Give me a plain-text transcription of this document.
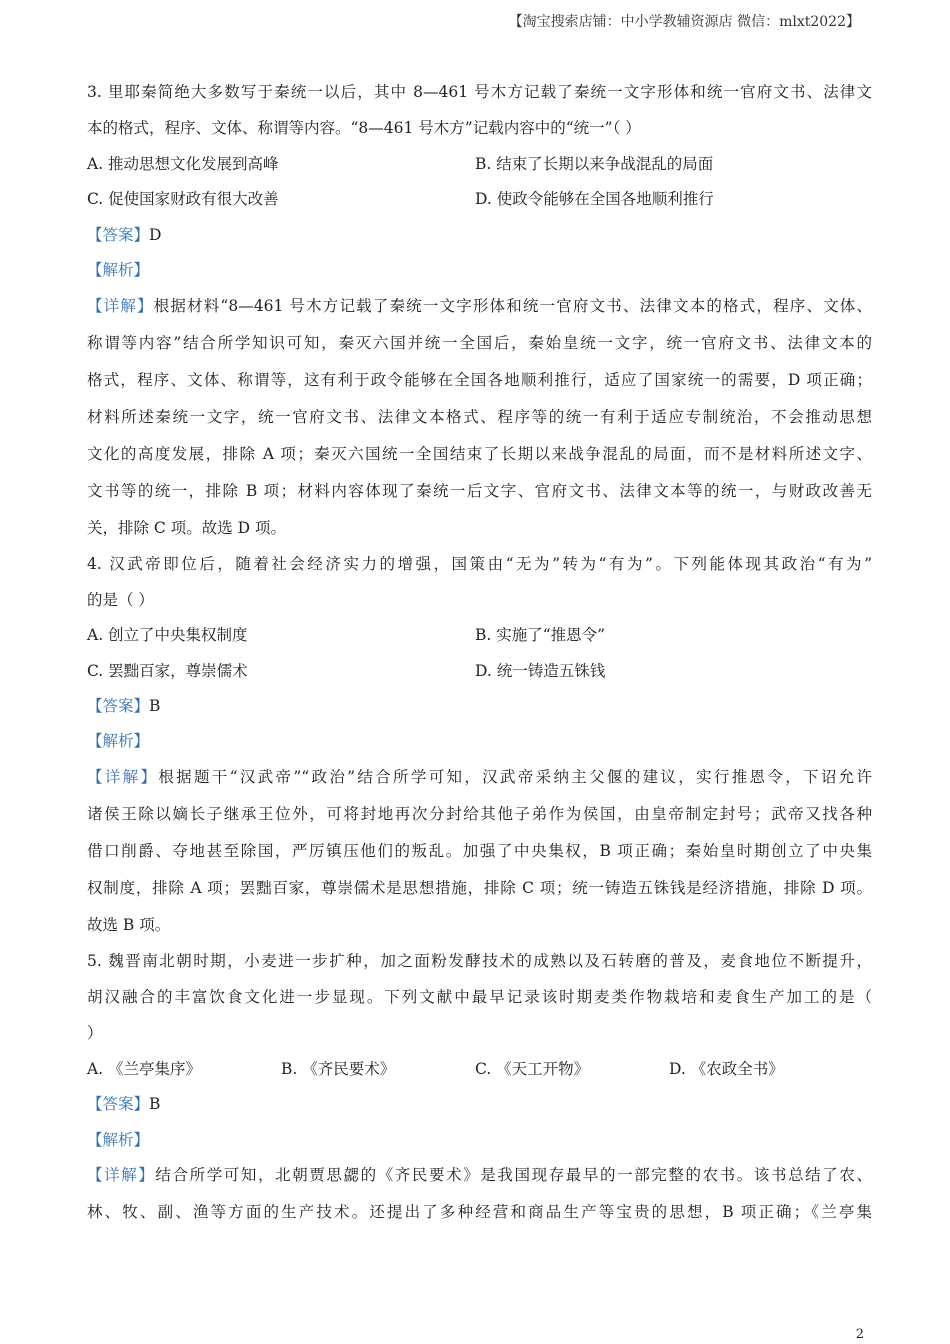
【淘宝搜索店铺：中小学教辅资源店 微信：mlxt2022】
3. 里耶秦简绝大多数写于秦统一以后，其中 8—461 号木方记载了秦统一文字形体和统一官府文书、法律文
本的格式，程序、文体、称谓等内容。“8—461 号木方”记载内容中的“统一”（ ）
A. 推动思想文化发展到高峰	B. 结束了长期以来争战混乱的局面
C. 促使国家财政有很大改善	D. 使政令能够在全国各地顺利推行
【答案】D
【解析】
【详解】根据材料“8—461 号木方记载了秦统一文字形体和统一官府文书、法律文本的格式，程序、文体、
称谓等内容”结合所学知识可知，秦灭六国并统一全国后，秦始皇统一文字，统一官府文书、法律文本的
格式，程序、文体、称谓等，这有利于政令能够在全国各地顺利推行，适应了国家统一的需要，D 项正确；
材料所述秦统一文字，统一官府文书、法律文本格式、程序等的统一有利于适应专制统治，不会推动思想
文化的高度发展，排除 A 项；秦灭六国统一全国结束了长期以来战争混乱的局面，而不是材料所述文字、
文书等的统一，排除 B 项；材料内容体现了秦统一后文字、官府文书、法律文本等的统一，与财政改善无
关，排除 C 项。故选 D 项。
4. 汉武帝即位后，随着社会经济实力的增强，国策由“无为”转为“有为”。下列能体现其政治“有为”
的是（ ）
A. 创立了中央集权制度	B. 实施了“推恩令”
C. 罢黜百家，尊崇儒术	D. 统一铸造五铢钱
【答案】B
【解析】
【详解】根据题干“汉武帝”“政治”结合所学可知，汉武帝采纳主父偃的建议，实行推恩令，下诏允许
诸侯王除以嫡长子继承王位外，可将封地再次分封给其他子弟作为侯国，由皇帝制定封号；武帝又找各种
借口削爵、夺地甚至除国，严厉镇压他们的叛乱。加强了中央集权，B 项正确；秦始皇时期创立了中央集
权制度，排除 A 项；罢黜百家，尊崇儒术是思想措施，排除 C 项；统一铸造五铢钱是经济措施，排除 D 项。
故选 B 项。
5. 魏晋南北朝时期，小麦进一步扩种，加之面粉发酵技术的成熟以及石转磨的普及，麦食地位不断提升，
胡汉融合的丰富饮食文化进一步显现。下列文献中最早记录该时期麦类作物栽培和麦食生产加工的是（
）
A. 《兰亭集序》	B. 《齐民要术》	C. 《天工开物》	D. 《农政全书》
【答案】B
【解析】
【详解】结合所学可知，北朝贾思勰的《齐民要术》是我国现存最早的一部完整的农书。该书总结了农、
林、牧、副、渔等方面的生产技术。还提出了多种经营和商品生产等宝贵的思想，B 项正确；《兰亭集
2
